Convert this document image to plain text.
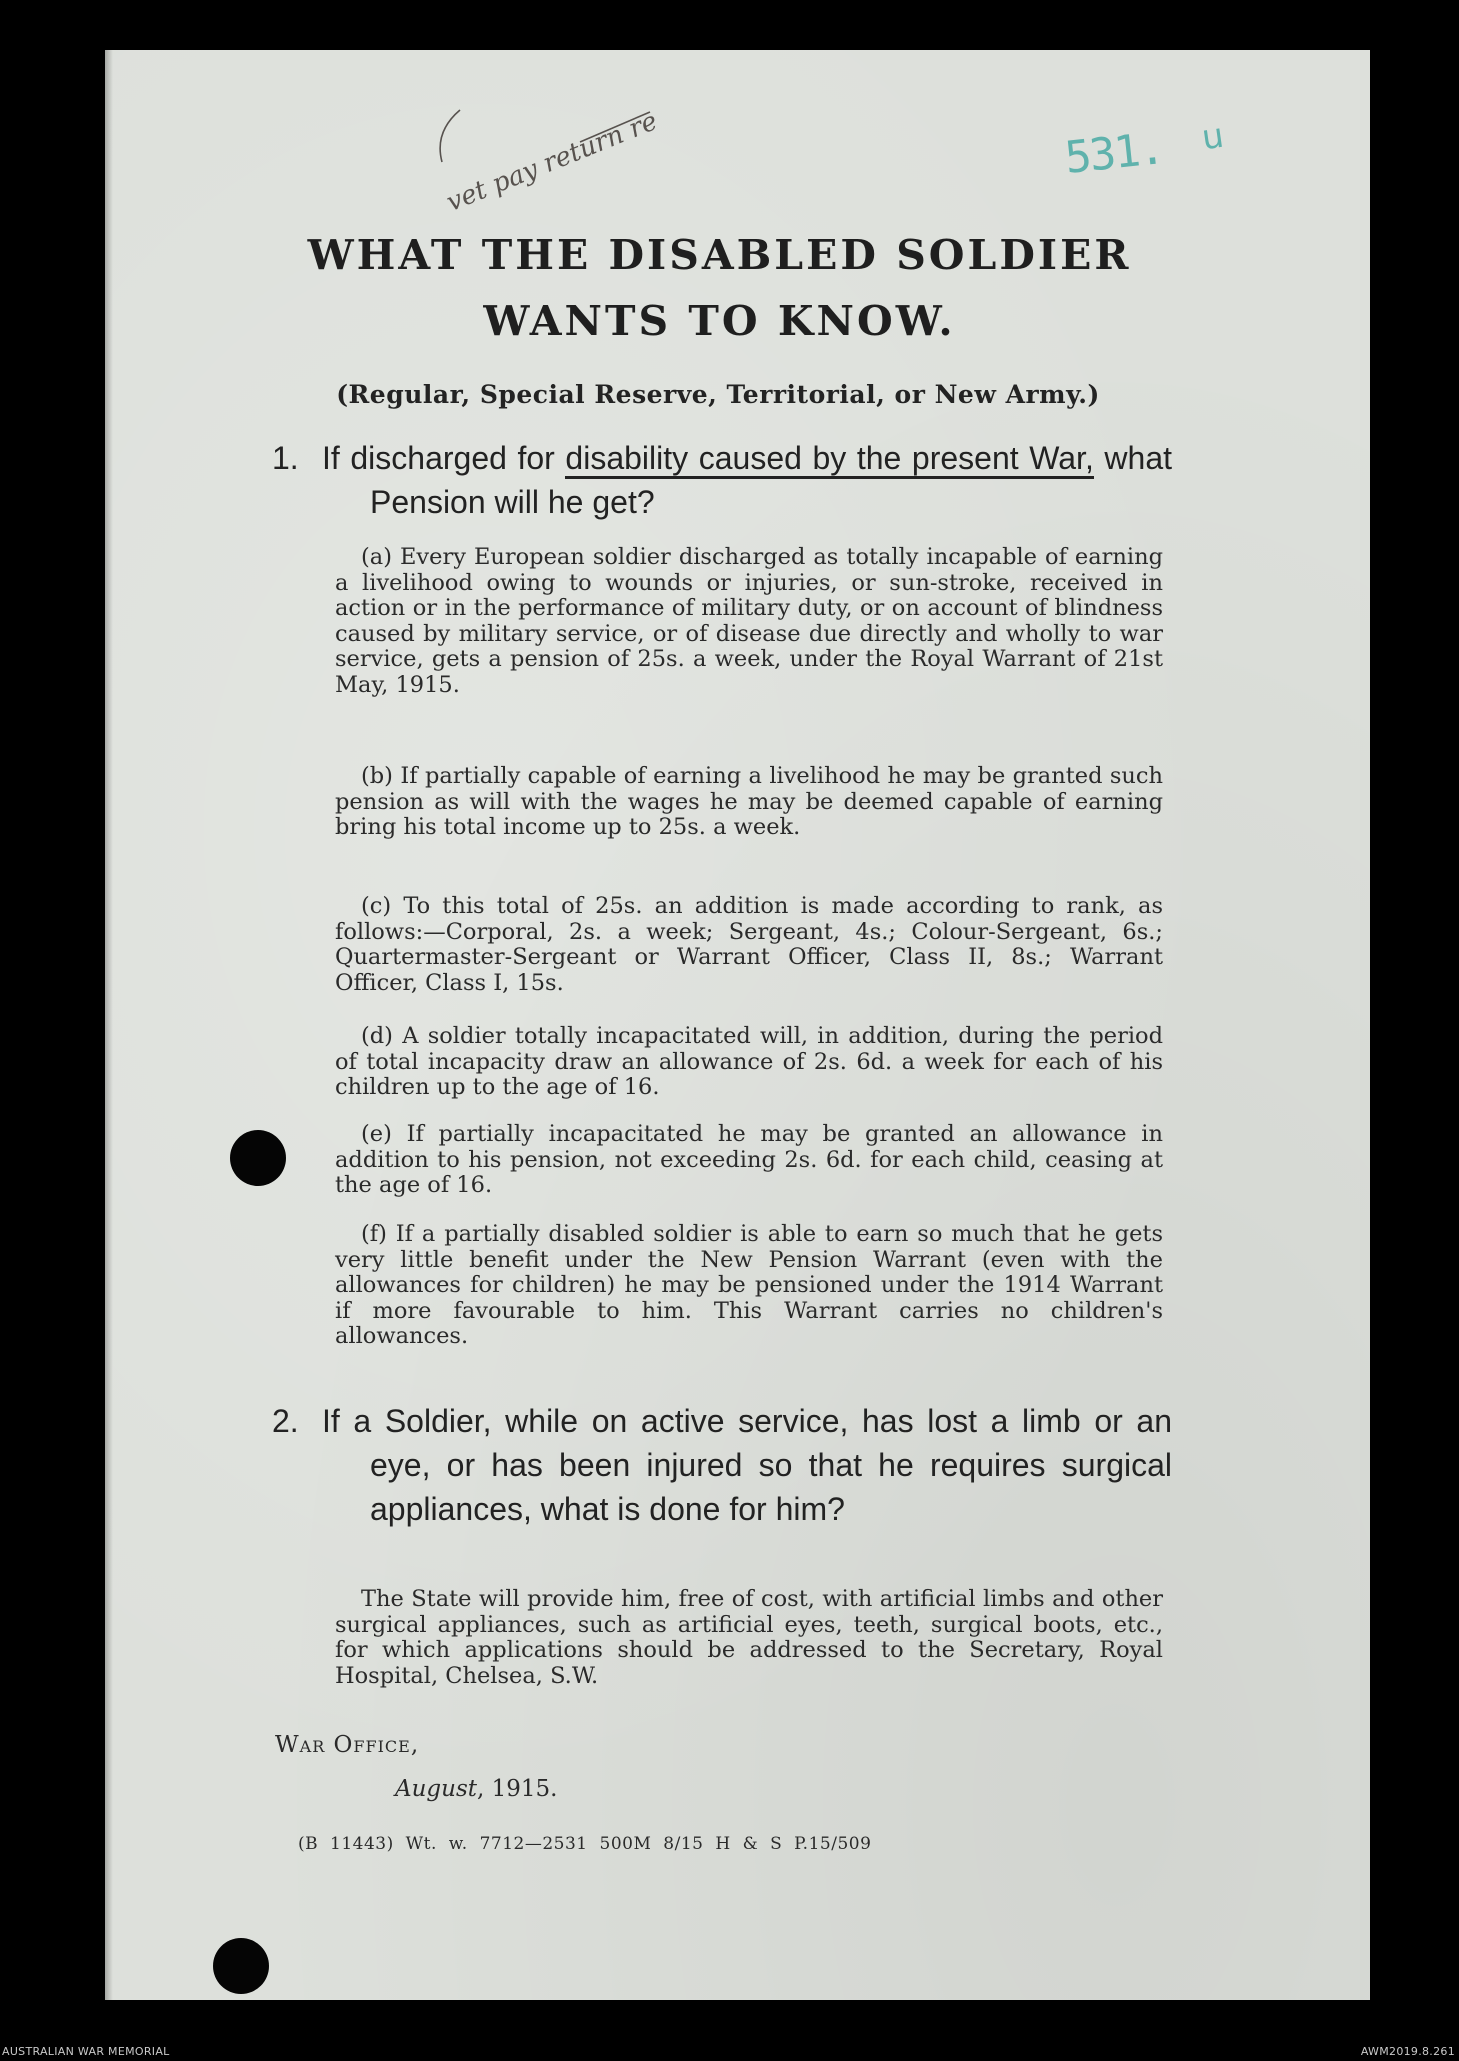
vet pay return re	531. u

WHAT THE DISABLED SOLDIER
WANTS TO KNOW.

(Regular, Special Reserve, Territorial, or New Army.)

1. If discharged for disability caused by the present War, what Pension will he get?

(a) Every European soldier discharged as totally incapable of earning a livelihood owing to wounds or injuries, or sun-stroke, received in action or in the performance of military duty, or on account of blindness caused by military service, or of disease due directly and wholly to war service, gets a pension of 25s. a week, under the Royal Warrant of 21st May, 1915.

(b) If partially capable of earning a livelihood he may be granted such pension as will with the wages he may be deemed capable of earning bring his total income up to 25s. a week.

(c) To this total of 25s. an addition is made according to rank, as follows:—Corporal, 2s. a week; Sergeant, 4s.; Colour-Sergeant, 6s.; Quartermaster-Sergeant or Warrant Officer, Class II, 8s.; Warrant Officer, Class I, 15s.

(d) A soldier totally incapacitated will, in addition, during the period of total incapacity draw an allowance of 2s. 6d. a week for each of his children up to the age of 16.

(e) If partially incapacitated he may be granted an allowance in addition to his pension, not exceeding 2s. 6d. for each child, ceasing at the age of 16.

(f) If a partially disabled soldier is able to earn so much that he gets very little benefit under the New Pension Warrant (even with the allowances for children) he may be pensioned under the 1914 Warrant if more favourable to him. This Warrant carries no children's allowances.

2. If a Soldier, while on active service, has lost a limb or an eye, or has been injured so that he requires surgical appliances, what is done for him?

The State will provide him, free of cost, with artificial limbs and other surgical appliances, such as artificial eyes, teeth, surgical boots, etc., for which applications should be addressed to the Secretary, Royal Hospital, Chelsea, S.W.

War Office,

August, 1915.

(B 11443) Wt. w. 7712—2531 500M 8/15 H & S P.15/509

AUSTRALIAN WAR MEMORIAL	AWM2019.8.261
